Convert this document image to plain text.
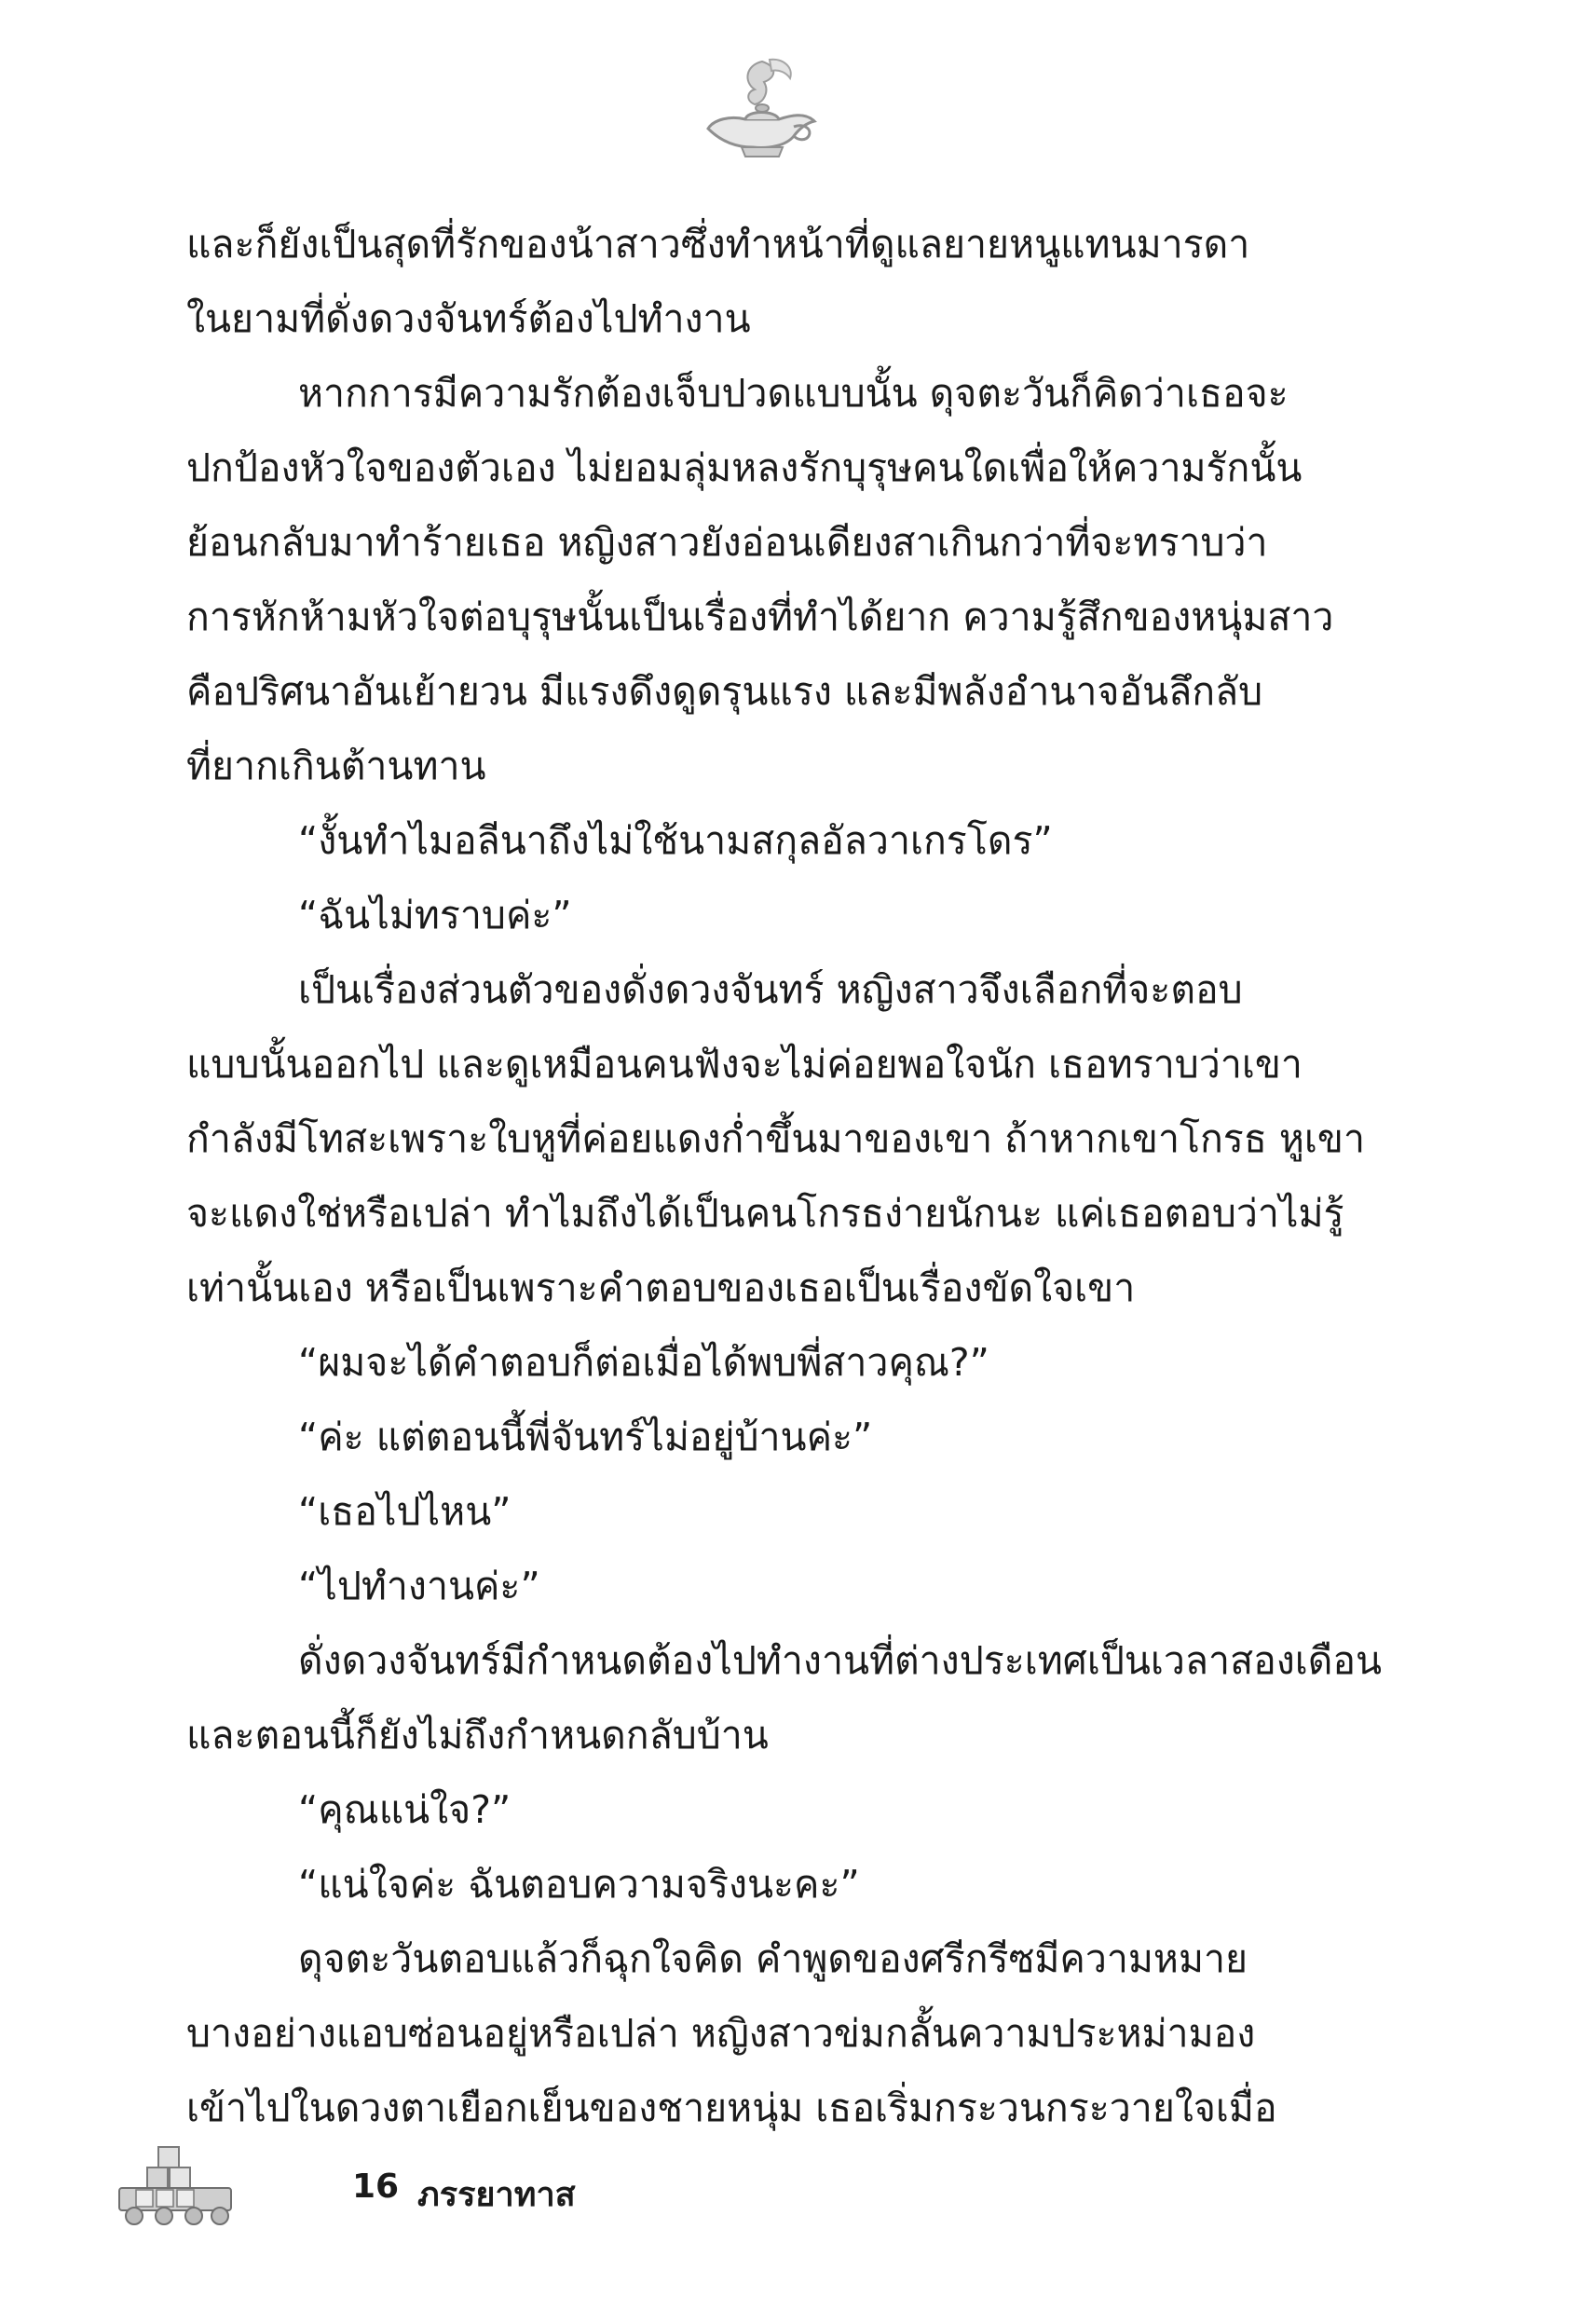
และก็ยังเป็นสุดที่รักของน้าสาวซึ่งทำหน้าที่ดูแลยายหนูแทนมารดา

ในยามที่ดั่งดวงจันทร์ต้องไปทำงาน

หากการมีความรักต้องเจ็บปวดแบบนั้น ดุจตะวันก็คิดว่าเธอจะ

ปกป้องหัวใจของตัวเอง ไม่ยอมลุ่มหลงรักบุรุษคนใดเพื่อให้ความรักนั้น

ย้อนกลับมาทำร้ายเธอ หญิงสาวยังอ่อนเดียงสาเกินกว่าที่จะทราบว่า

การหักห้ามหัวใจต่อบุรุษนั้นเป็นเรื่องที่ทำได้ยาก ความรู้สึกของหนุ่มสาว

คือปริศนาอันเย้ายวน มีแรงดึงดูดรุนแรง และมีพลังอำนาจอันลึกลับ

ที่ยากเกินต้านทาน

“งั้นทำไมอลีนาถึงไม่ใช้นามสกุลอัลวาเกรโดร”

“ฉันไม่ทราบค่ะ”

เป็นเรื่องส่วนตัวของดั่งดวงจันทร์ หญิงสาวจึงเลือกที่จะตอบ

แบบนั้นออกไป และดูเหมือนคนฟังจะไม่ค่อยพอใจนัก เธอทราบว่าเขา

กำลังมีโทสะเพราะใบหูที่ค่อยแดงก่ำขึ้นมาของเขา ถ้าหากเขาโกรธ หูเขา

จะแดงใช่หรือเปล่า ทำไมถึงได้เป็นคนโกรธง่ายนักนะ แค่เธอตอบว่าไม่รู้

เท่านั้นเอง หรือเป็นเพราะคำตอบของเธอเป็นเรื่องขัดใจเขา

“ผมจะได้คำตอบก็ต่อเมื่อได้พบพี่สาวคุณ?”

“ค่ะ แต่ตอนนี้พี่จันทร์ไม่อยู่บ้านค่ะ”

“เธอไปไหน”

“ไปทำงานค่ะ”

ดั่งดวงจันทร์มีกำหนดต้องไปทำงานที่ต่างประเทศเป็นเวลาสองเดือน

และตอนนี้ก็ยังไม่ถึงกำหนดกลับบ้าน

“คุณแน่ใจ?”

“แน่ใจค่ะ ฉันตอบความจริงนะคะ”

ดุจตะวันตอบแล้วก็ฉุกใจคิด คำพูดของศรีกรีซมีความหมาย

บางอย่างแอบซ่อนอยู่หรือเปล่า หญิงสาวข่มกลั้นความประหม่ามอง

เข้าไปในดวงตาเยือกเย็นของชายหนุ่ม เธอเริ่มกระวนกระวายใจเมื่อ

16 ภรรยาทาส
